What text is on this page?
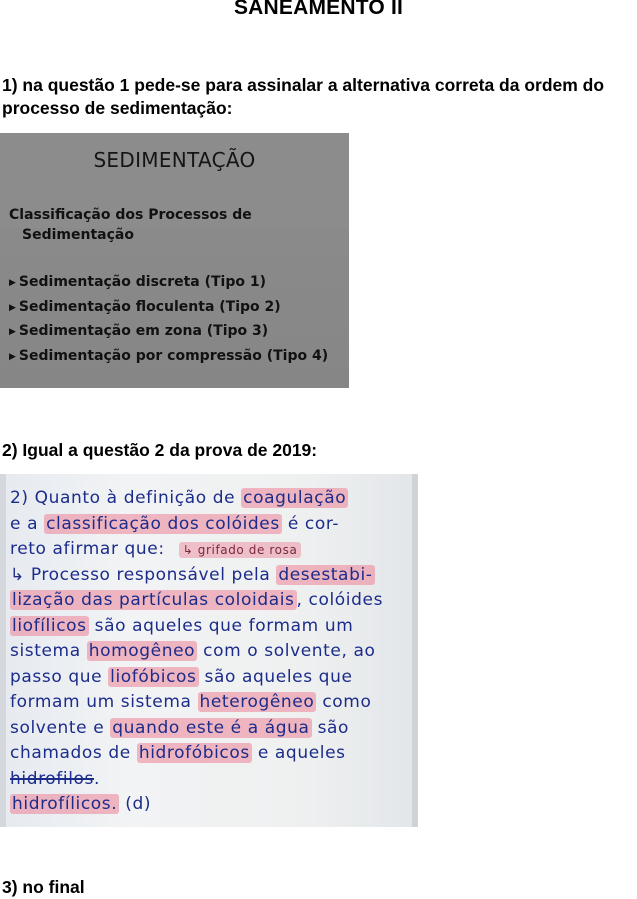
SANEAMENTO II
1) na questão 1 pede-se para assinalar a alternativa correta da ordem do processo de sedimentação:
SEDIMENTAÇÃO
Classificação dos Processos de
Sedimentação
▶ Sedimentação discreta (Tipo 1)
▶ Sedimentação floculenta (Tipo 2)
▶ Sedimentação em zona (Tipo 3)
▶ Sedimentação por compressão (Tipo 4)
2) Igual a questão 2 da prova de 2019:
2) Quanto à definição de coagulação
e a classificação dos colóides é cor-
reto afirmar que: ↳ grifado de rosa
↳ Processo responsável pela desestabi-
lização das partículas coloidais , colóides
liofílicos são aqueles que formam um
sistema homogêneo com o solvente, ao
passo que liofóbicos são aqueles que
formam um sistema heterogêneo como
solvente e quando este é a água são
chamados de hidrofóbicos e aqueles
hidrofilos.
hidrofílicos. (d)
3) no final
